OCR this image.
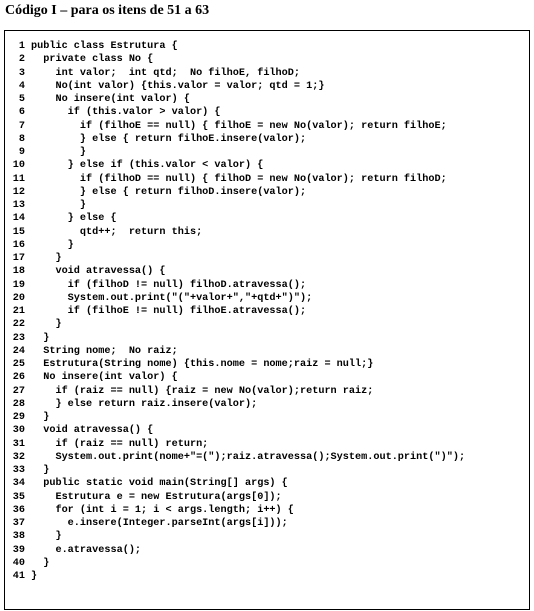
Código I – para os itens de 51 a 63
1 public class Estrutura {
2 private class No {
3 int valor;  int qtd;  No filhoE, filhoD;
4 No(int valor) {this.valor = valor; qtd = 1;}
5 No insere(int valor) {
6 if (this.valor > valor) {
7 if (filhoE == null) { filhoE = new No(valor); return filhoE;
8 } else { return filhoE.insere(valor);
9 }
10 } else if (this.valor < valor) {
11 if (filhoD == null) { filhoD = new No(valor); return filhoD;
12 } else { return filhoD.insere(valor);
13 }
14 } else {
15 qtd++;  return this;
16 }
17 }
18 void atravessa() {
19 if (filhoD != null) filhoD.atravessa();
20 System.out.print("("+valor+","+qtd+")");
21 if (filhoE != null) filhoE.atravessa();
22 }
23 }
24 String nome;  No raiz;
25 Estrutura(String nome) {this.nome = nome;raiz = null;}
26 No insere(int valor) {
27 if (raiz == null) {raiz = new No(valor);return raiz;
28 } else return raiz.insere(valor);
29 }
30 void atravessa() {
31 if (raiz == null) return;
32 System.out.print(nome+"=(");raiz.atravessa();System.out.print(")");
33 }
34 public static void main(String[] args) {
35 Estrutura e = new Estrutura(args[0]);
36 for (int i = 1; i < args.length; i++) {
37 e.insere(Integer.parseInt(args[i]));
38 }
39 e.atravessa();
40 }
41 }
